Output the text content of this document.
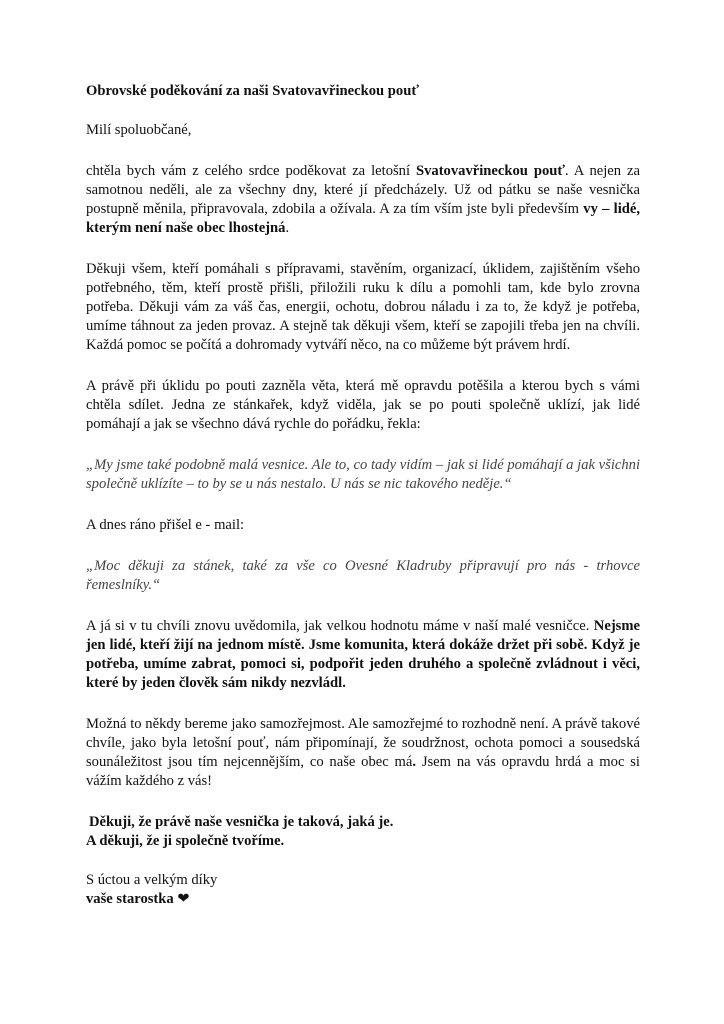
Obrovské poděkování za naši Svatovavřineckou pouť

Milí spoluobčané,

chtěla bych vám z celého srdce poděkovat za letošní Svatovavřineckou pouť. A nejen za samotnou neděli, ale za všechny dny, které jí předcházely. Už od pátku se naše vesnička postupně měnila, připravovala, zdobila a ožívala. A za tím vším jste byli především vy – lidé, kterým není naše obec lhostejná.

Děkuji všem, kteří pomáhali s přípravami, stavěním, organizací, úklidem, zajištěním všeho potřebného, těm, kteří prostě přišli, přiložili ruku k dílu a pomohli tam, kde bylo zrovna potřeba. Děkuji vám za váš čas, energii, ochotu, dobrou náladu i za to, že když je potřeba, umíme táhnout za jeden provaz. A stejně tak děkuji všem, kteří se zapojili třeba jen na chvíli. Každá pomoc se počítá a dohromady vytváří něco, na co můžeme být právem hrdí.

A právě při úklidu po pouti zazněla věta, která mě opravdu potěšila a kterou bych s vámi chtěla sdílet. Jedna ze stánkařek, když viděla, jak se po pouti společně uklízí, jak lidé pomáhají a jak se všechno dává rychle do pořádku, řekla:

„My jsme také podobně malá vesnice. Ale to, co tady vidím – jak si lidé pomáhají a jak všichni společně uklízíte – to by se u nás nestalo. U nás se nic takového neděje.“

A dnes ráno přišel e - mail:

„Moc děkuji za stánek, také za vše co Ovesné Kladruby připravují pro nás - trhovce řemeslníky.“

A já si v tu chvíli znovu uvědomila, jak velkou hodnotu máme v naší malé vesničce. Nejsme jen lidé, kteří žijí na jednom místě. Jsme komunita, která dokáže držet při sobě. Když je potřeba, umíme zabrat, pomoci si, podpořit jeden druhého a společně zvládnout i věci, které by jeden člověk sám nikdy nezvládl.

Možná to někdy bereme jako samozřejmost. Ale samozřejmé to rozhodně není. A právě takové chvíle, jako byla letošní pouť, nám připomínají, že soudržnost, ochota pomoci a sousedská sounáležitost jsou tím nejcennějším, co naše obec má. Jsem na vás opravdu hrdá a moc si vážím každého z vás!

Děkuji, že právě naše vesnička je taková, jaká je.
A děkuji, že ji společně tvoříme.

S úctou a velkým díky
vaše starostka ❤
